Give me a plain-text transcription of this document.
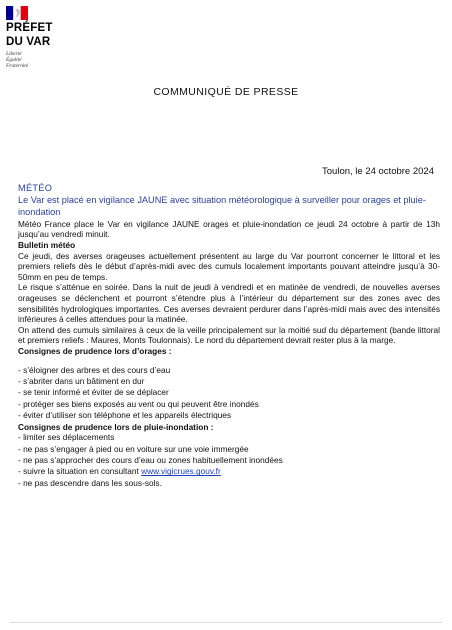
PRÉFET
DU VAR
Liberté
Égalité
Fraternité
COMMUNIQUÉ DE PRESSE
Toulon, le 24 octobre 2024

MÉTÉO

Le Var est placé en vigilance JAUNE avec situation météorologique à surveiller pour orages et pluie-inondation

Météo France place le Var en vigilance JAUNE orages et pluie-inondation ce jeudi 24 octobre à partir de 13h jusqu’au vendredi minuit.

Bulletin météo

Ce jeudi, des averses orageuses actuellement présentent au large du Var pourront concerner le littoral et les premiers reliefs dès le début d’après-midi avec des cumuls localement importants pouvant atteindre jusqu’à 30-50mm en peu de temps.

Le risque s’atténue en soirée. Dans la nuit de jeudi à vendredi et en matinée de vendredi, de nouvelles averses orageuses se déclenchent et pourront s’étendre plus à l’intérieur du département sur des zones avec des sensibilités hydrologiques importantes. Ces averses devraient perdurer dans l’après-midi mais avec des intensités inférieures à celles attendues pour la matinée.

On attend des cumuls similaires à ceux de la veille principalement sur la moitié sud du département (bande littoral et premiers reliefs : Maures, Monts Toulonnais). Le nord du département devrait rester plus à la marge.

Consignes de prudence lors d’orages :

- s’éloigner des arbres et des cours d’eau
- s’abriter dans un bâtiment en dur
- se tenir informé et éviter de se déplacer
- protéger ses biens exposés au vent ou qui peuvent être inondés
- éviter d’utiliser son téléphone et les appareils électriques

Consignes de prudence lors de pluie-inondation :

- limiter ses déplacements
- ne pas s’engager à pied ou en voiture sur une voie immergée
- ne pas s’approcher des cours d’eau ou zones habituellement inondées
- suivre la situation en consultant www.vigicrues.gouv.fr
- ne pas descendre dans les sous-sols.
